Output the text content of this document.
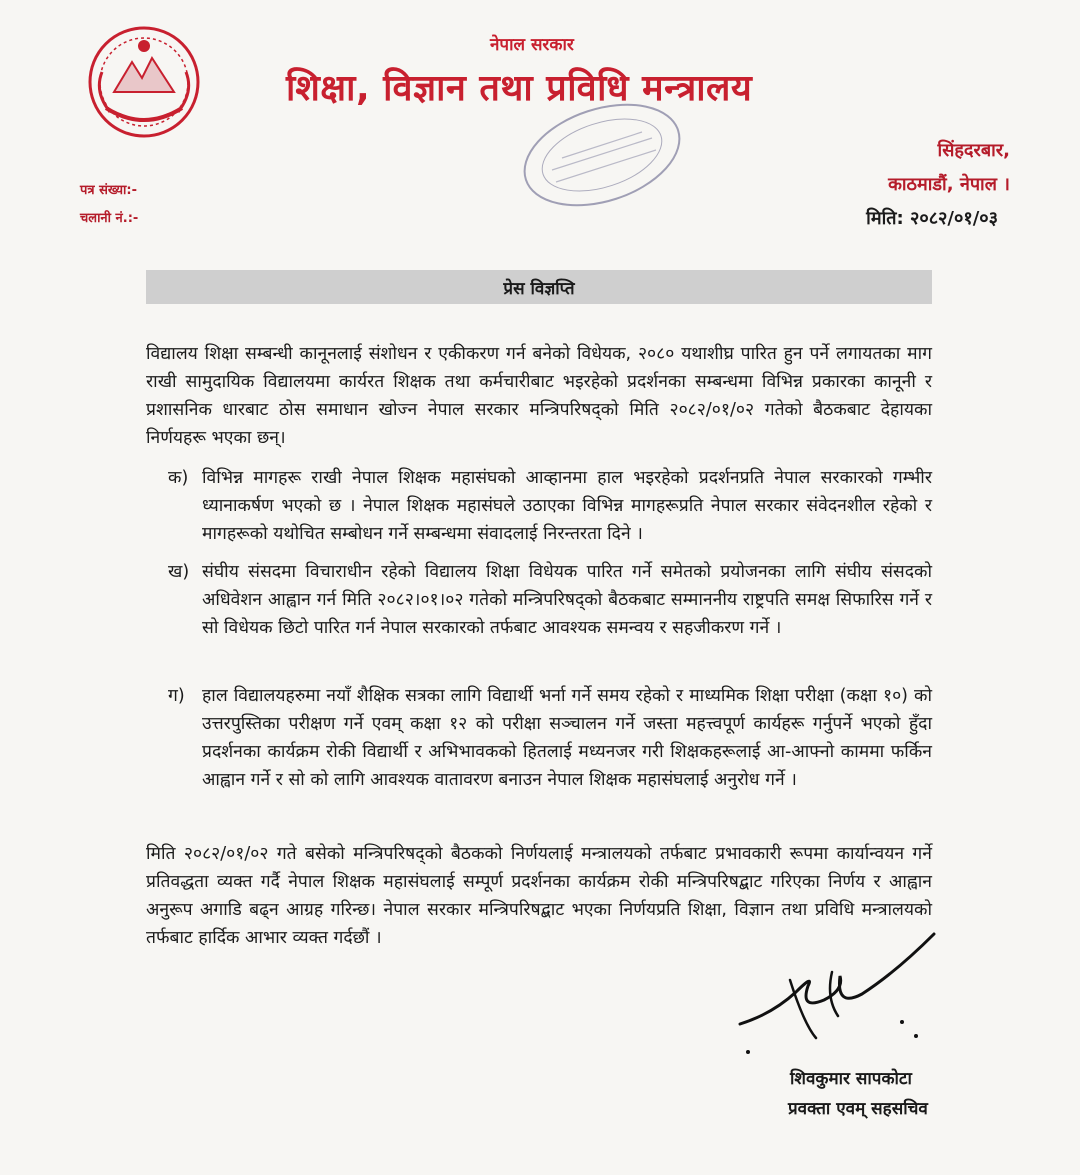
नेपाल सरकार
शिक्षा, विज्ञान तथा प्रविधि मन्त्रालय
सिंहदरबार,
काठमाडौं, नेपाल ।
पत्र संख्या:-
चलानी नं.:-	मिति: २०८२/०१/०३
प्रेस विज्ञप्ति
विद्यालय शिक्षा सम्बन्धी कानूनलाई संशोधन र एकीकरण गर्न बनेको विधेयक, २०८० यथाशीघ्र पारित हुन पर्ने लगायतका माग राखी सामुदायिक विद्यालयमा कार्यरत शिक्षक तथा कर्मचारीबाट भइरहेको प्रदर्शनका सम्बन्धमा विभिन्न प्रकारका कानूनी र प्रशासनिक धारबाट ठोस समाधान खोज्न नेपाल सरकार मन्त्रिपरिषद्को मिति २०८२/०१/०२ गतेको बैठकबाट देहायका निर्णयहरू भएका छन्।
क) विभिन्न मागहरू राखी नेपाल शिक्षक महासंघको आव्हानमा हाल भइरहेको प्रदर्शनप्रति नेपाल सरकारको गम्भीर ध्यानाकर्षण भएको छ । नेपाल शिक्षक महासंघले उठाएका विभिन्न मागहरूप्रति नेपाल सरकार संवेदनशील रहेको र मागहरूको यथोचित सम्बोधन गर्ने सम्बन्धमा संवादलाई निरन्तरता दिने ।
ख) संघीय संसदमा विचाराधीन रहेको विद्यालय शिक्षा विधेयक पारित गर्ने समेतको प्रयोजनका लागि संघीय संसदको अधिवेशन आह्वान गर्न मिति २०८२।०१।०२ गतेको मन्त्रिपरिषद्को बैठकबाट सम्माननीय राष्ट्रपति समक्ष सिफारिस गर्ने र सो विधेयक छिटो पारित गर्न नेपाल सरकारको तर्फबाट आवश्यक समन्वय र सहजीकरण गर्ने ।
ग) हाल विद्यालयहरुमा नयाँ शैक्षिक सत्रका लागि विद्यार्थी भर्ना गर्ने समय रहेको र माध्यमिक शिक्षा परीक्षा (कक्षा १०) को उत्तरपुस्तिका परीक्षण गर्ने एवम् कक्षा १२ को परीक्षा सञ्चालन गर्ने जस्ता महत्त्वपूर्ण कार्यहरू गर्नुपर्ने भएको हुँदा प्रदर्शनका कार्यक्रम रोकी विद्यार्थी र अभिभावकको हितलाई मध्यनजर गरी शिक्षकहरूलाई आ-आफ्नो काममा फर्किन आह्वान गर्ने र सो को लागि आवश्यक वातावरण बनाउन नेपाल शिक्षक महासंघलाई अनुरोध गर्ने ।
मिति २०८२/०१/०२ गते बसेको मन्त्रिपरिषद्को बैठकको निर्णयलाई मन्त्रालयको तर्फबाट प्रभावकारी रूपमा कार्यान्वयन गर्ने प्रतिवद्धता व्यक्त गर्दै नेपाल शिक्षक महासंघलाई सम्पूर्ण प्रदर्शनका कार्यक्रम रोकी मन्त्रिपरिषद्बाट गरिएका निर्णय र आह्वान अनुरूप अगाडि बढ्न आग्रह गरिन्छ। नेपाल सरकार मन्त्रिपरिषद्बाट भएका निर्णयप्रति शिक्षा, विज्ञान तथा प्रविधि मन्त्रालयको तर्फबाट हार्दिक आभार व्यक्त गर्दछौं ।
शिवकुमार सापकोटा
प्रवक्ता एवम् सहसचिव
